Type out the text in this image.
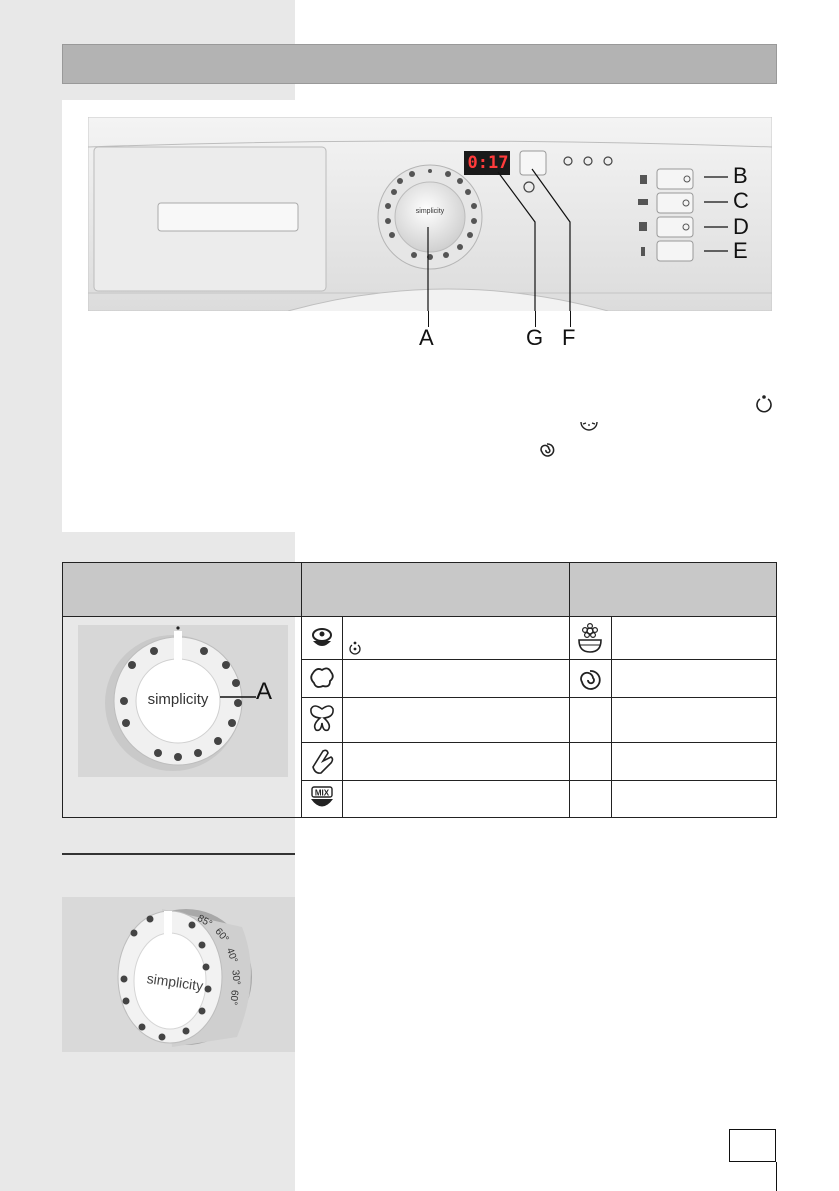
0:17
simplicity
A	G F
B
C
D
E
simplicity	A
MIX
simplicity
85°
60°
40°
30°
60°
